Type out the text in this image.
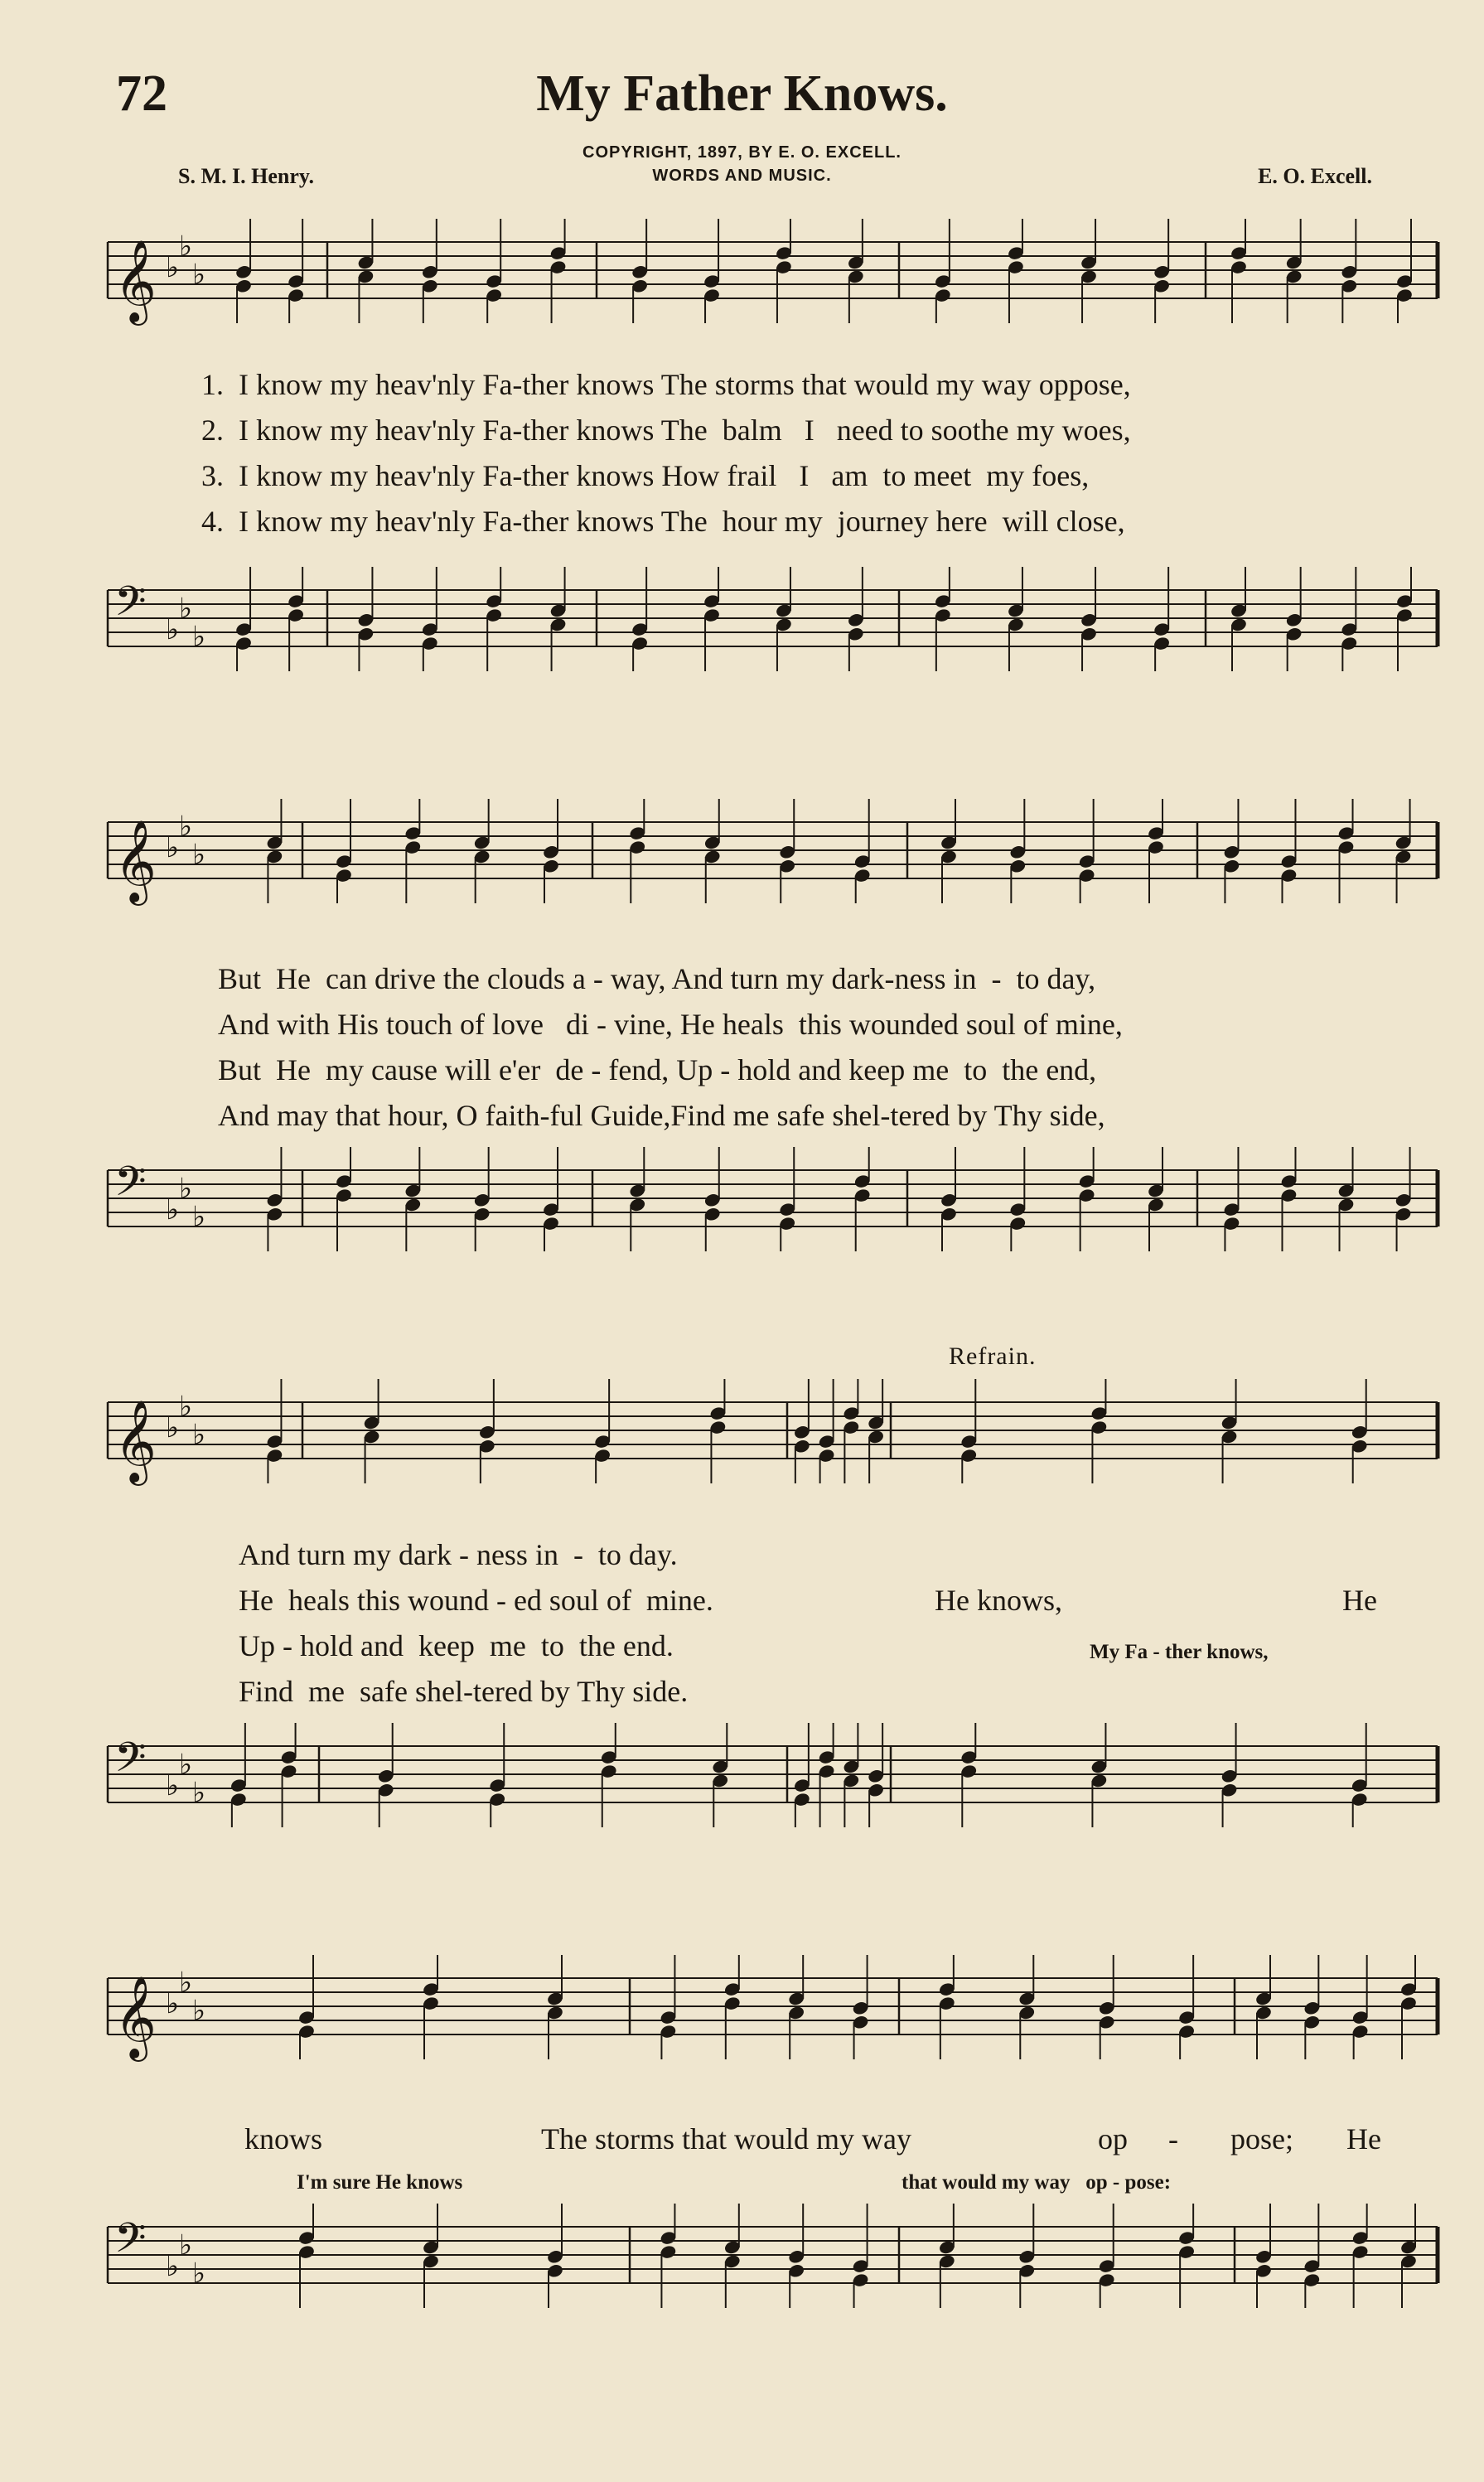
72	My Father Knows.
COPYRIGHT, 1897, BY E. O. EXCELL.
WORDS AND MUSIC.
S. M. I. Henry.	E. O. Excell.
𝄞 ♭
♭
♭
1.  I know my heav'nly Fa-ther knows The storms that would my way oppose,
2.  I know my heav'nly Fa-ther knows The  balm   I   need to soothe my woes,
3.  I know my heav'nly Fa-ther knows How frail   I   am  to meet  my foes,
4.  I know my heav'nly Fa-ther knows The  hour my  journey here  will close,
𝄢 ♭
♭
♭
𝄞 ♭
♭
♭
But  He  can drive the clouds a - way, And turn my dark-ness in  -  to day,
And with His touch of love   di - vine, He heals  this wounded soul of mine,
But  He  my cause will e'er  de - fend, Up - hold and keep me  to  the end,
And may that hour, O faith-ful Guide,Find me safe shel-tered by Thy side,
𝄢 ♭
♭
♭
Refrain.
𝄞 ♭
♭
♭
And turn my dark - ness in  -  to day.
He  heals this wound - ed soul of  mine.
Up - hold and  keep  me  to  the end.
Find  me  safe shel-tered by Thy side.
He knows,	He
My Fa - ther knows,
𝄢 ♭
♭
♭
𝄞 ♭
♭
♭
knows	The storms that would my way	op - pose; He
I'm sure He knows	that would my way   op - pose:
𝄢 ♭
♭
♭
